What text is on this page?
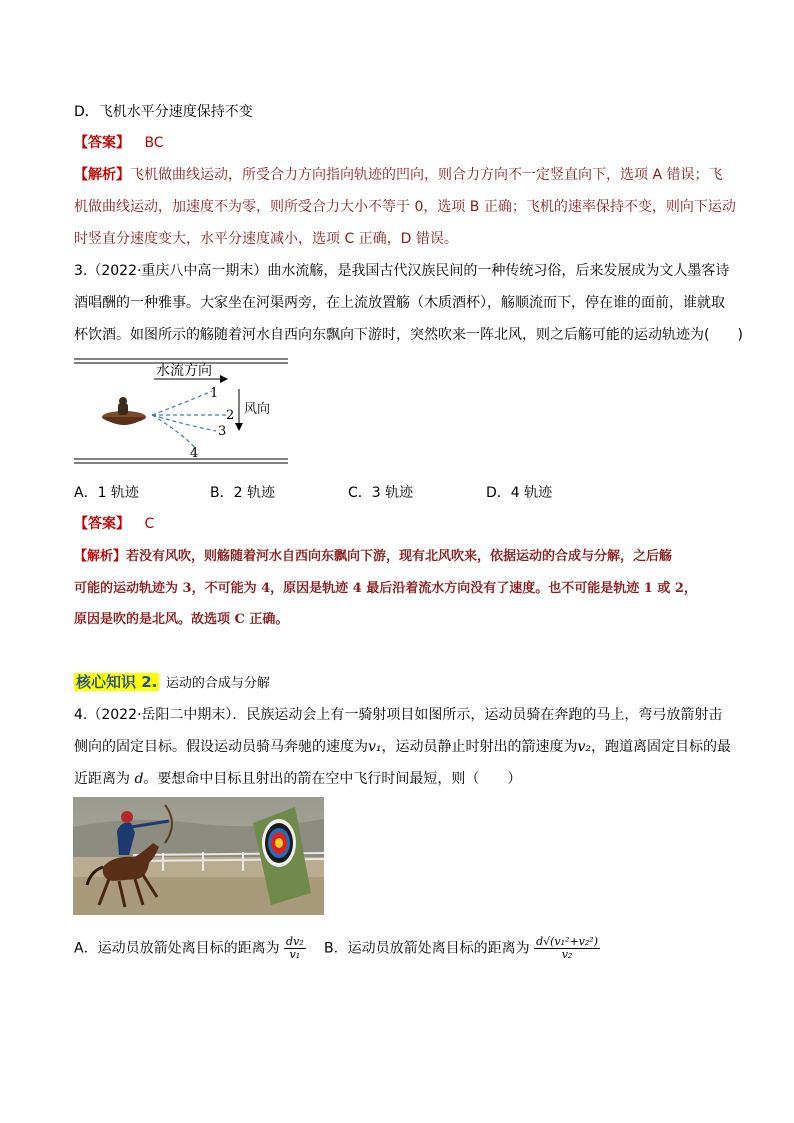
D．飞机水平分速度保持不变
【答案】 BC
【解析】飞机做曲线运动，所受合力方向指向轨迹的凹向，则合力方向不一定竖直向下，选项 A 错误；飞
机做曲线运动，加速度不为零，则所受合力大小不等于 0，选项 B 正确；飞机的速率保持不变，则向下运动
时竖直分速度变大，水平分速度减小，选项 C 正确，D 错误。
3.（2022·重庆八中高一期末）曲水流觞，是我国古代汉族民间的一种传统习俗，后来发展成为文人墨客诗
酒唱酬的一种雅事。大家坐在河渠两旁，在上流放置觞（木质酒杯），觞顺流而下，停在谁的面前，谁就取
杯饮酒。如图所示的觞随着河水自西向东飘向下游时，突然吹来一阵北风，则之后觞可能的运动轨迹为(　　)
水流方向
风向
1
2
3
4
A．1 轨迹	B．2 轨迹	C．3 轨迹	D．4 轨迹
【答案】 C
【解析】若没有风吹，则觞随着河水自西向东飘向下游，现有北风吹来，依据运动的合成与分解，之后觞
可能的运动轨迹为 3，不可能为 4，原因是轨迹 4 最后沿着流水方向没有了速度。也不可能是轨迹 1 或 2，
原因是吹的是北风。故选项 C 正确。
核心知识 2. 运动的合成与分解
4.（2022·岳阳二中期末）．民族运动会上有一骑射项目如图所示，运动员骑在奔跑的马上，弯弓放箭射击
侧向的固定目标。假设运动员骑马奔驰的速度为v₁，运动员静止时射出的箭速度为v₂，跑道离固定目标的最
近距离为 d。要想命中目标且射出的箭在空中飞行时间最短，则（　　）
A．运动员放箭处离目标的距离为 $\frac{\text{dv₂}}{\text{v₁}}$ B．运动员放箭处离目标的距离为 $\frac{\text{d√(v₁²+v₂²)}}{\text{v₂}}$
